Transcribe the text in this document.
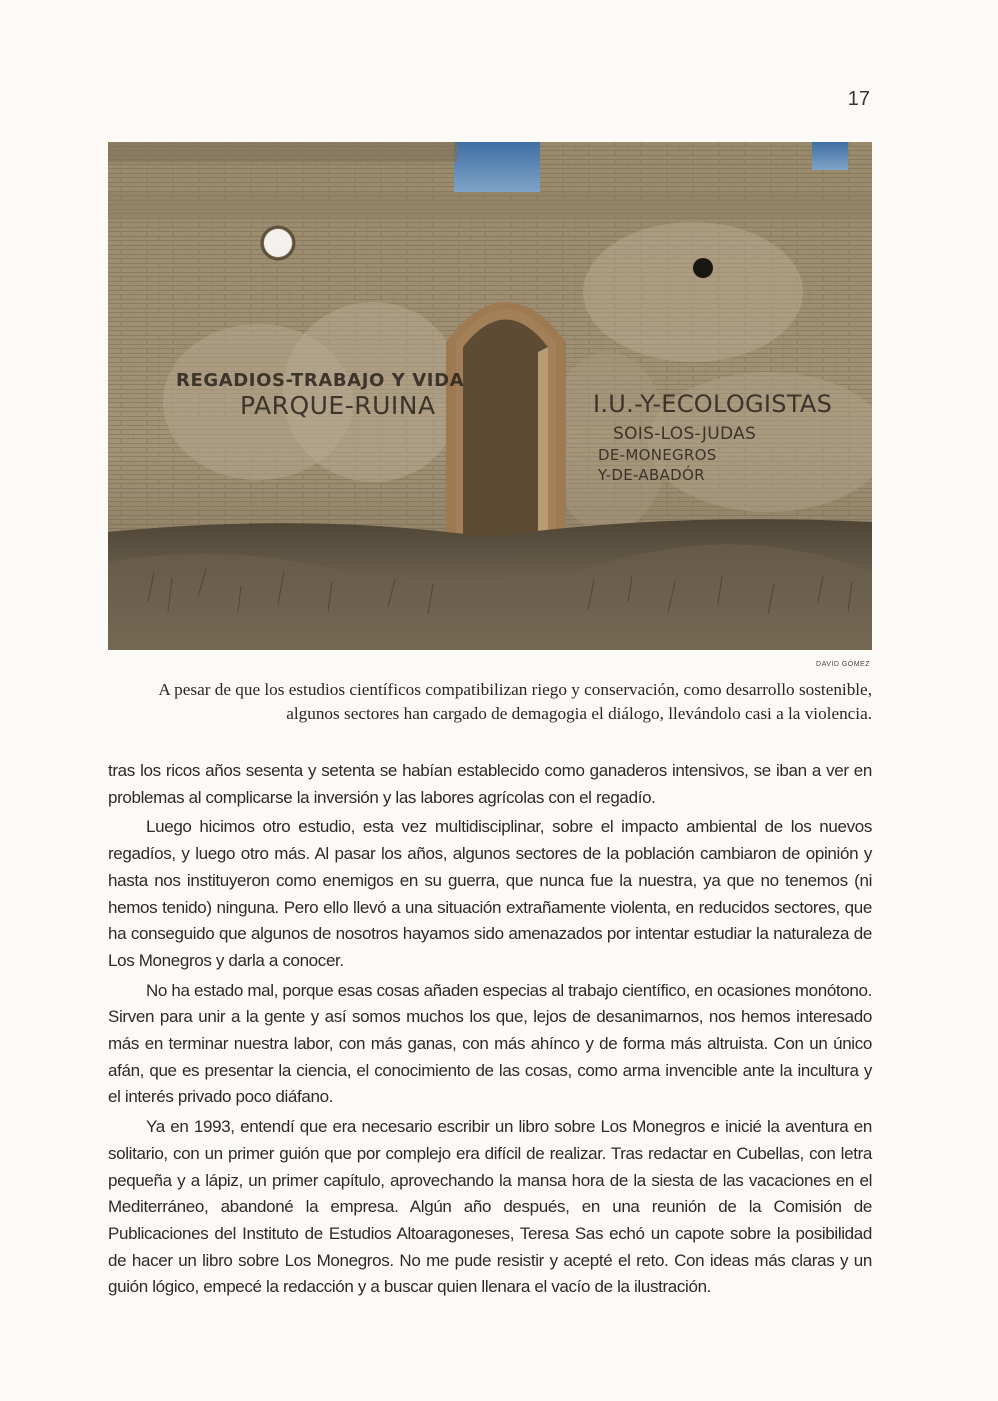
17
REGADIOS-TRABAJO Y VIDA
PARQUE-RUINA	I.U.-Y-ECOLOGISTAS
SOIS-LOS-JUDAS
DE-MONEGROS
Y-DE-ABADÓR
DAVID GÓMEZ
A pesar de que los estudios científicos compatibilizan riego y conservación, como desarrollo sostenible,
algunos sectores han cargado de demagogia el diálogo, llevándolo casi a la violencia.

tras los ricos años sesenta y setenta se habían establecido como ganaderos intensivos, se iban a ver en problemas al complicarse la inversión y las labores agrícolas con el regadío.

Luego hicimos otro estudio, esta vez multidisciplinar, sobre el impacto ambiental de los nuevos regadíos, y luego otro más. Al pasar los años, algunos sectores de la población cambiaron de opinión y hasta nos instituyeron como enemigos en su guerra, que nunca fue la nuestra, ya que no tenemos (ni hemos tenido) ninguna. Pero ello llevó a una situación extrañamente violenta, en reducidos sectores, que ha conseguido que algunos de nosotros hayamos sido amenazados por intentar estudiar la naturaleza de Los Monegros y darla a conocer.

No ha estado mal, porque esas cosas añaden especias al trabajo científico, en ocasiones monótono. Sirven para unir a la gente y así somos muchos los que, lejos de desanimarnos, nos hemos interesado más en terminar nuestra labor, con más ganas, con más ahínco y de forma más altruista. Con un único afán, que es presentar la ciencia, el conocimiento de las cosas, como arma invencible ante la incultura y el interés privado poco diáfano.

Ya en 1993, entendí que era necesario escribir un libro sobre Los Monegros e inicié la aventura en solitario, con un primer guión que por complejo era difícil de realizar. Tras redactar en Cubellas, con letra pequeña y a lápiz, un primer capítulo, aprovechando la mansa hora de la siesta de las vacaciones en el Mediterráneo, abandoné la empresa. Algún año después, en una reunión de la Comisión de Publicaciones del Instituto de Estudios Altoaragoneses, Teresa Sas echó un capote sobre la posibilidad de hacer un libro sobre Los Monegros. No me pude resistir y acepté el reto. Con ideas más claras y un guión lógico, empecé la redacción y a buscar quien llenara el vacío de la ilustración.
